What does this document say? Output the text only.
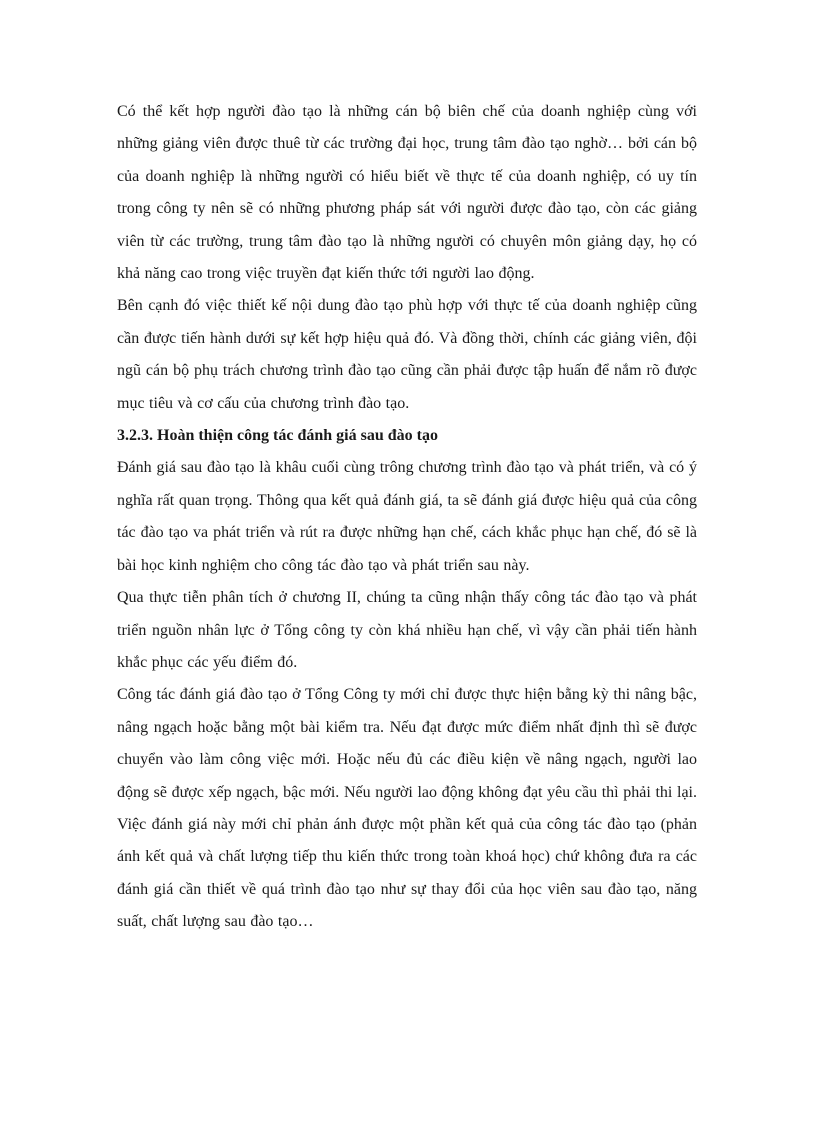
Có thể kết hợp người đào tạo là những cán bộ biên chế của doanh nghiệp cùng với những giảng viên được thuê từ các trường đại học, trung tâm đào tạo nghờ… bởi cán bộ của doanh nghiệp là những người có hiểu biết về thực tế của doanh nghiệp, có uy tín trong công ty nên sẽ có những phương pháp sát với người được đào tạo, còn các giảng viên từ các trường, trung tâm đào tạo là những người có chuyên môn giảng dạy, họ có khả năng cao trong việc truyền đạt kiến thức tới người lao động.

Bên cạnh đó việc thiết kế nội dung đào tạo phù hợp với thực tế của doanh nghiệp cũng cần được tiến hành dưới sự kết hợp hiệu quả đó. Và đồng thời, chính các giảng viên, đội ngũ cán bộ phụ trách chương trình đào tạo cũng cần phải được tập huấn để nắm rõ được mục tiêu và cơ cấu của chương trình đào tạo.

3.2.3. Hoàn thiện công tác đánh giá sau đào tạo

Đánh giá sau đào tạo là khâu cuối cùng trông chương trình đào tạo và phát triển, và có ý nghĩa rất quan trọng. Thông qua kết quả đánh giá, ta sẽ đánh giá được hiệu quả của công tác đào tạo va phát triển và rút ra được những hạn chế, cách khắc phục hạn chế, đó sẽ là bài học kinh nghiệm cho công tác đào tạo và phát triển sau này.

Qua thực tiễn phân tích ở chương II, chúng ta cũng nhận thấy công tác đào tạo và phát triển nguồn nhân lực ở Tổng công ty còn khá nhiều hạn chế, vì vậy cần phải tiến hành khắc phục các yếu điểm đó.

Công tác đánh giá đào tạo ở Tổng Công ty mới chỉ được thực hiện bằng kỳ thi nâng bậc, nâng ngạch hoặc bằng một bài kiểm tra. Nếu đạt được mức điểm nhất định thì sẽ được chuyển vào làm công việc mới. Hoặc nếu đủ các điều kiện về nâng ngạch, người lao động sẽ được xếp ngạch, bậc mới. Nếu người lao động không đạt yêu cầu thì phải thi lại. Việc đánh giá này mới chỉ phản ánh được một phần kết quả của công tác đào tạo (phản ánh kết quả và chất lượng tiếp thu kiến thức trong toàn khoá học) chứ không đưa ra các đánh giá cần thiết về quá trình đào tạo như sự thay đổi của học viên sau đào tạo, năng suất, chất lượng sau đào tạo…
